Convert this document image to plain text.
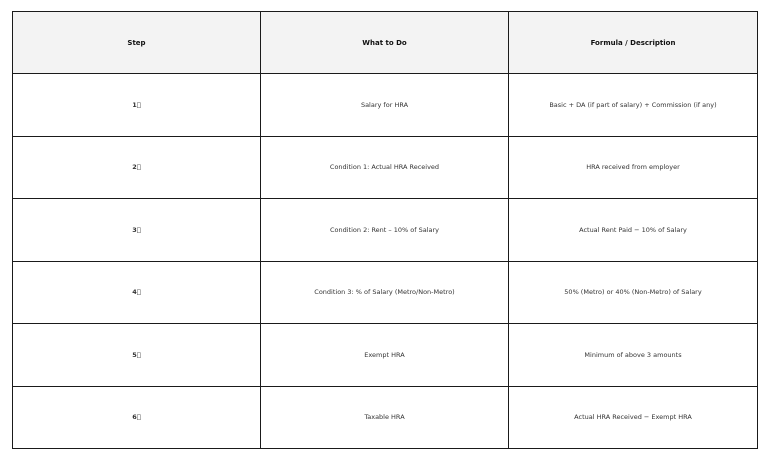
Step	What to Do	Formula / Description
1⃣	Salary for HRA	Basic + DA (if part of salary) + Commission (if any)
2⃣	Condition 1: Actual HRA Received	HRA received from employer
3⃣	Condition 2: Rent – 10% of Salary	Actual Rent Paid − 10% of Salary
4⃣	Condition 3: % of Salary (Metro/Non-Metro)	50% (Metro) or 40% (Non-Metro) of Salary
5⃣	Exempt HRA	Minimum of above 3 amounts
6⃣	Taxable HRA	Actual HRA Received − Exempt HRA
